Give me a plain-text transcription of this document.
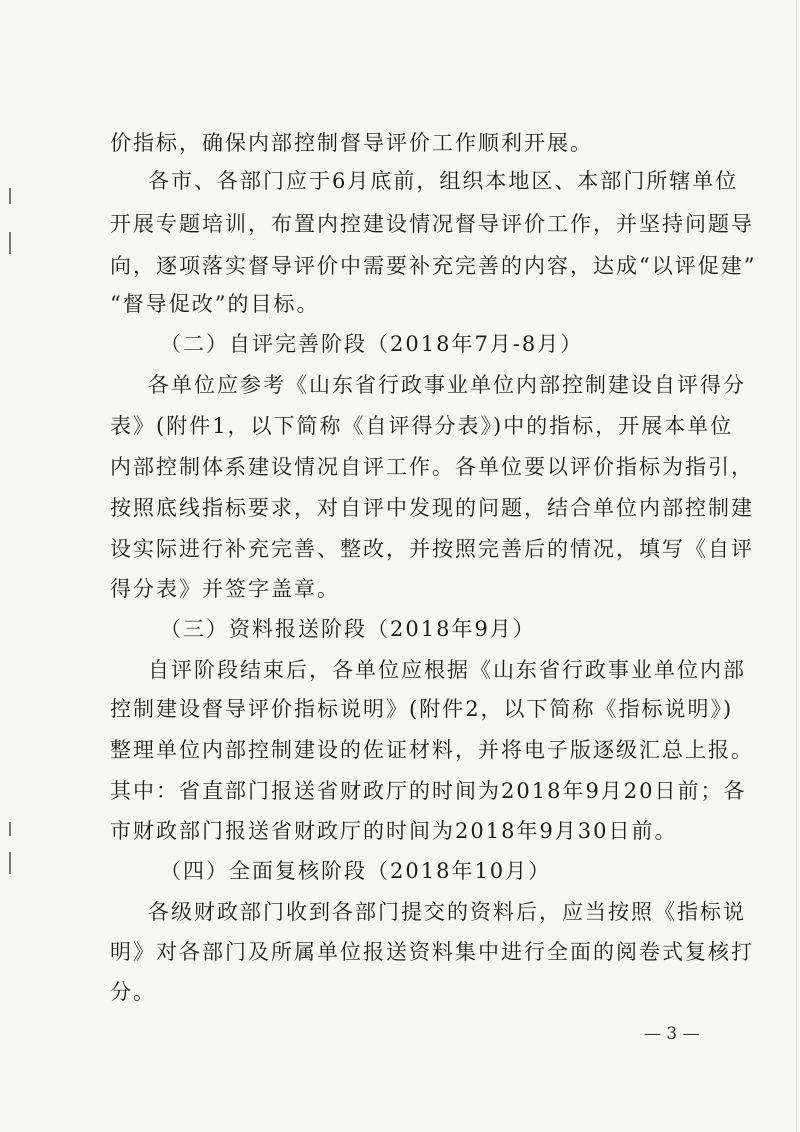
价指标，确保内部控制督导评价工作顺利开展。
各市、各部门应于6月底前，组织本地区、本部门所辖单位
开展专题培训，布置内控建设情况督导评价工作，并坚持问题导
向，逐项落实督导评价中需要补充完善的内容，达成“以评促建”
“督导促改”的目标。
（二）自评完善阶段（2018年7月-8月）
各单位应参考《山东省行政事业单位内部控制建设自评得分
表》(附件1，以下简称《自评得分表》)中的指标，开展本单位
内部控制体系建设情况自评工作。各单位要以评价指标为指引，
按照底线指标要求，对自评中发现的问题，结合单位内部控制建
设实际进行补充完善、整改，并按照完善后的情况，填写《自评
得分表》并签字盖章。
（三）资料报送阶段（2018年9月）
自评阶段结束后，各单位应根据《山东省行政事业单位内部
控制建设督导评价指标说明》(附件2，以下简称《指标说明》)
整理单位内部控制建设的佐证材料，并将电子版逐级汇总上报。
其中：省直部门报送省财政厅的时间为2018年9月20日前；各
市财政部门报送省财政厅的时间为2018年9月30日前。
（四）全面复核阶段（2018年10月）
各级财政部门收到各部门提交的资料后，应当按照《指标说
明》对各部门及所属单位报送资料集中进行全面的阅卷式复核打
分。
— 3 —
